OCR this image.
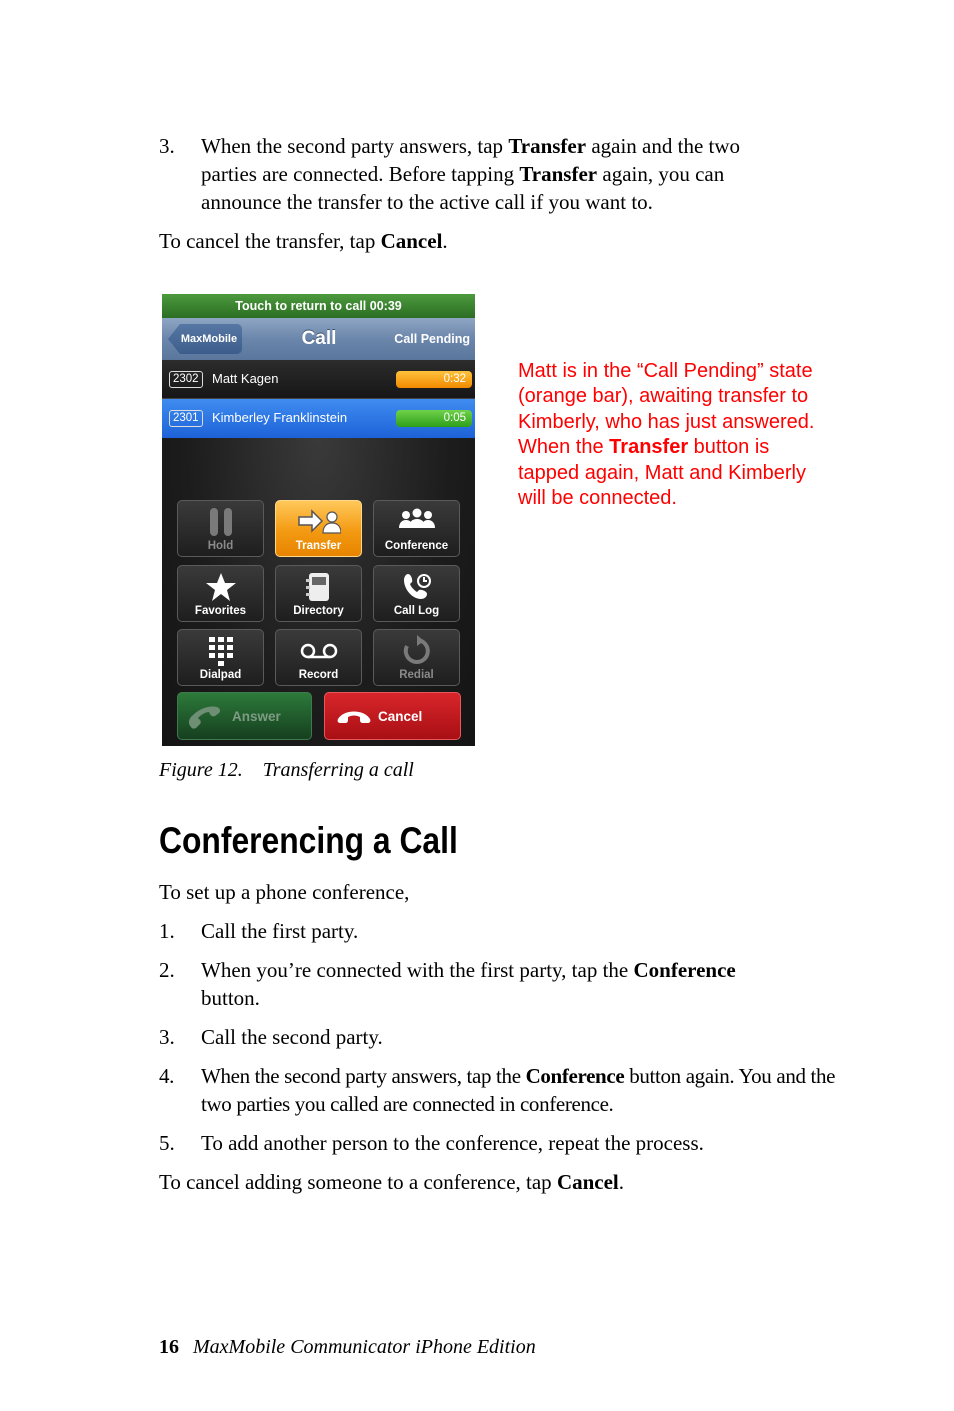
3. When the second party answers, tap Transfer again and the two
parties are connected. Before tapping Transfer again, you can
announce the transfer to the active call if you want to.
To cancel the transfer, tap Cancel.
Touch to return to call 00:39
MaxMobile	Call	Call Pending
2302	Matt Kagen	0:32
2301	Kimberley Franklinstein	0:05
Hold	Transfer	Conference
Favorites	Directory	Call Log
Dialpad	Record	Redial
Answer	Cancel
Matt is in the “Call Pending” state (orange bar), awaiting transfer to Kimberly, who has just answered. When the Transfer button is tapped again, Matt and Kimberly will be connected.
Figure 12.    Transferring a call
Conferencing a Call
To set up a phone conference,
1. Call the first party.
2. When you’re connected with the first party, tap the Conference button.
3. Call the second party.
4. When the second party answers, tap the Conference button again. You and the two parties you called are connected in conference.
5. To add another person to the conference, repeat the process.
To cancel adding someone to a conference, tap Cancel.
16 MaxMobile Communicator iPhone Edition
